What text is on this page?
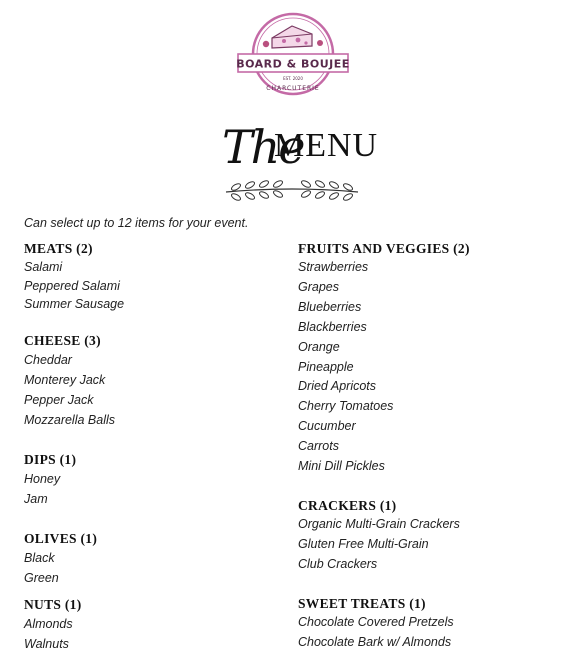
BOARD & BOUJEE
EST. 2020
CHARCUTERIE
The
MENU
Can select up to 12 items for your event.

MEATS (2)

Salami

Peppered Salami

Summer Sausage

CHEESE (3)

Cheddar

Monterey Jack

Pepper Jack

Mozzarella Balls

DIPS (1)

Honey

Jam

OLIVES (1)

Black

Green

NUTS (1)

Almonds

Walnuts

FRUITS AND VEGGIES (2)

Strawberries

Grapes

Blueberries

Blackberries

Orange

Pineapple

Dried Apricots

Cherry Tomatoes

Cucumber

Carrots

Mini Dill Pickles

CRACKERS (1)

Organic Multi-Grain Crackers

Gluten Free Multi-Grain

Club Crackers

SWEET TREATS (1)

Chocolate Covered Pretzels

Chocolate Bark w/ Almonds
